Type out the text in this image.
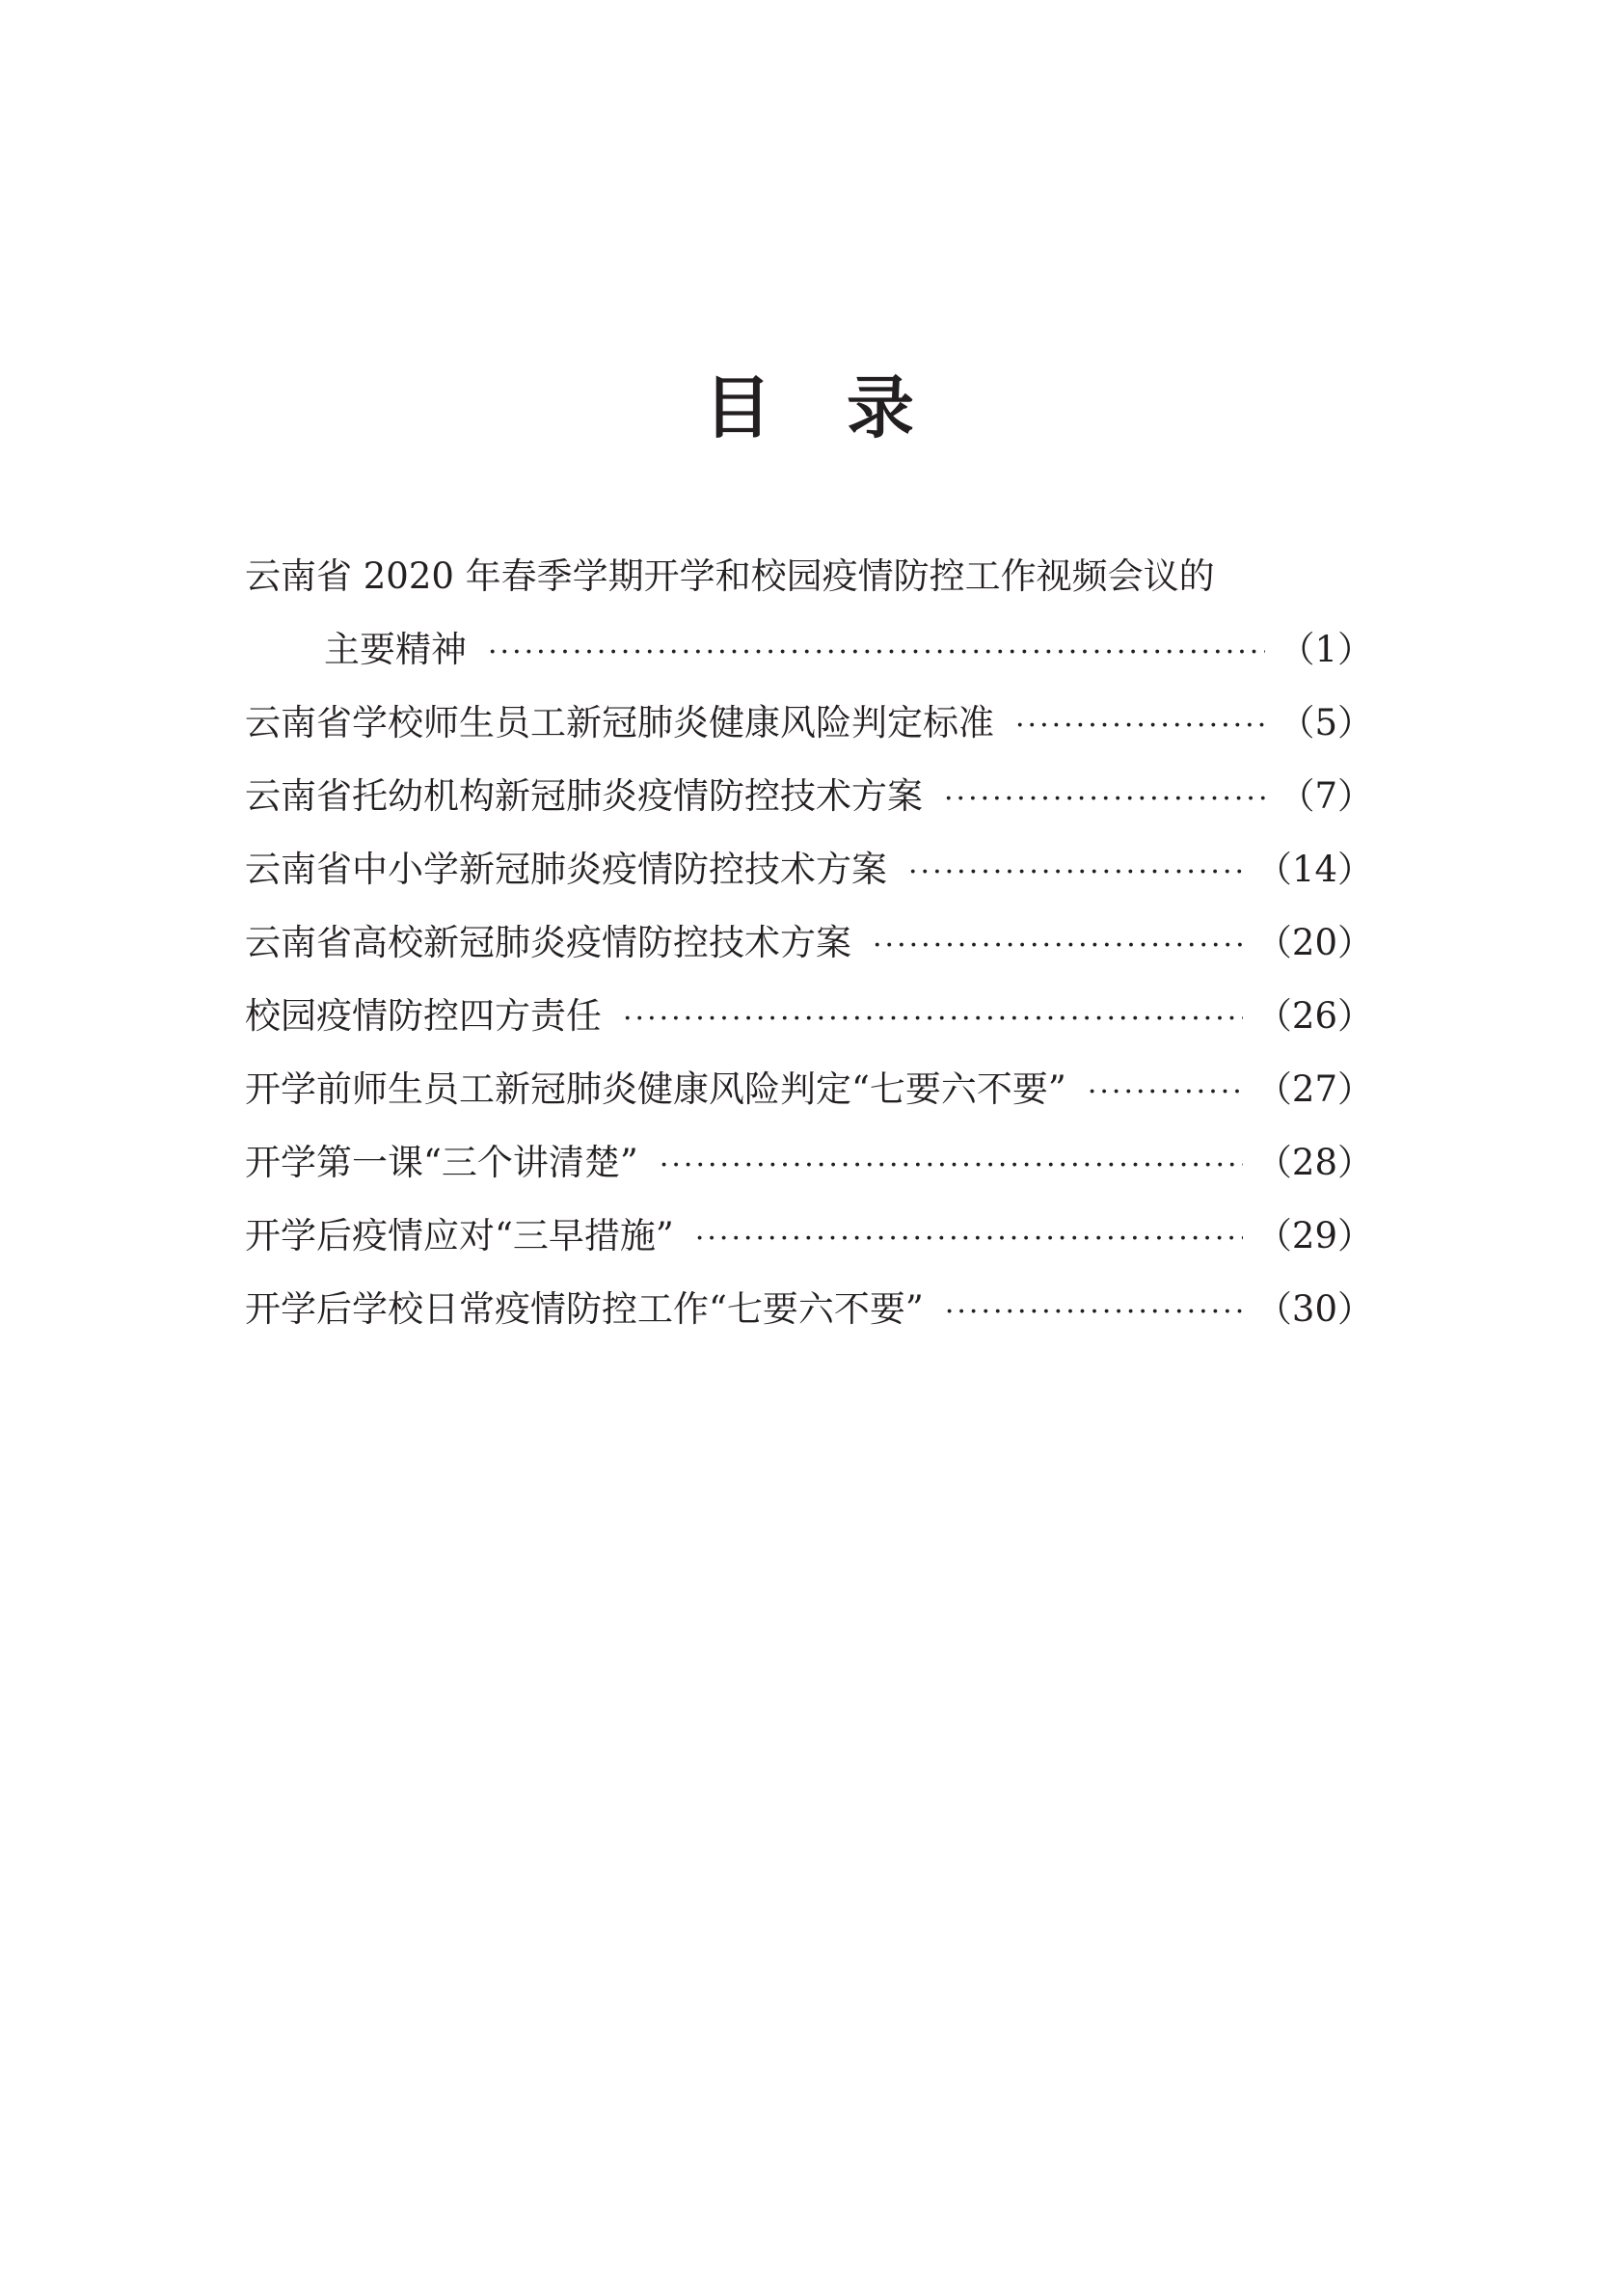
目 录
云南省 2020 年春季学期开学和校园疫情防控工作视频会议的
主要精神 ·····	（1）
云南省学校师生员工新冠肺炎健康风险判定标准 ·····	（5）
云南省托幼机构新冠肺炎疫情防控技术方案 ·····	（7）
云南省中小学新冠肺炎疫情防控技术方案 ·····	（14）
云南省高校新冠肺炎疫情防控技术方案 ·····	（20）
校园疫情防控四方责任 ·····	（26）
开学前师生员工新冠肺炎健康风险判定“七要六不要” ·····	（27）
开学第一课“三个讲清楚” ·····	（28）
开学后疫情应对“三早措施” ·····	（29）
开学后学校日常疫情防控工作“七要六不要” ·····	（30）
